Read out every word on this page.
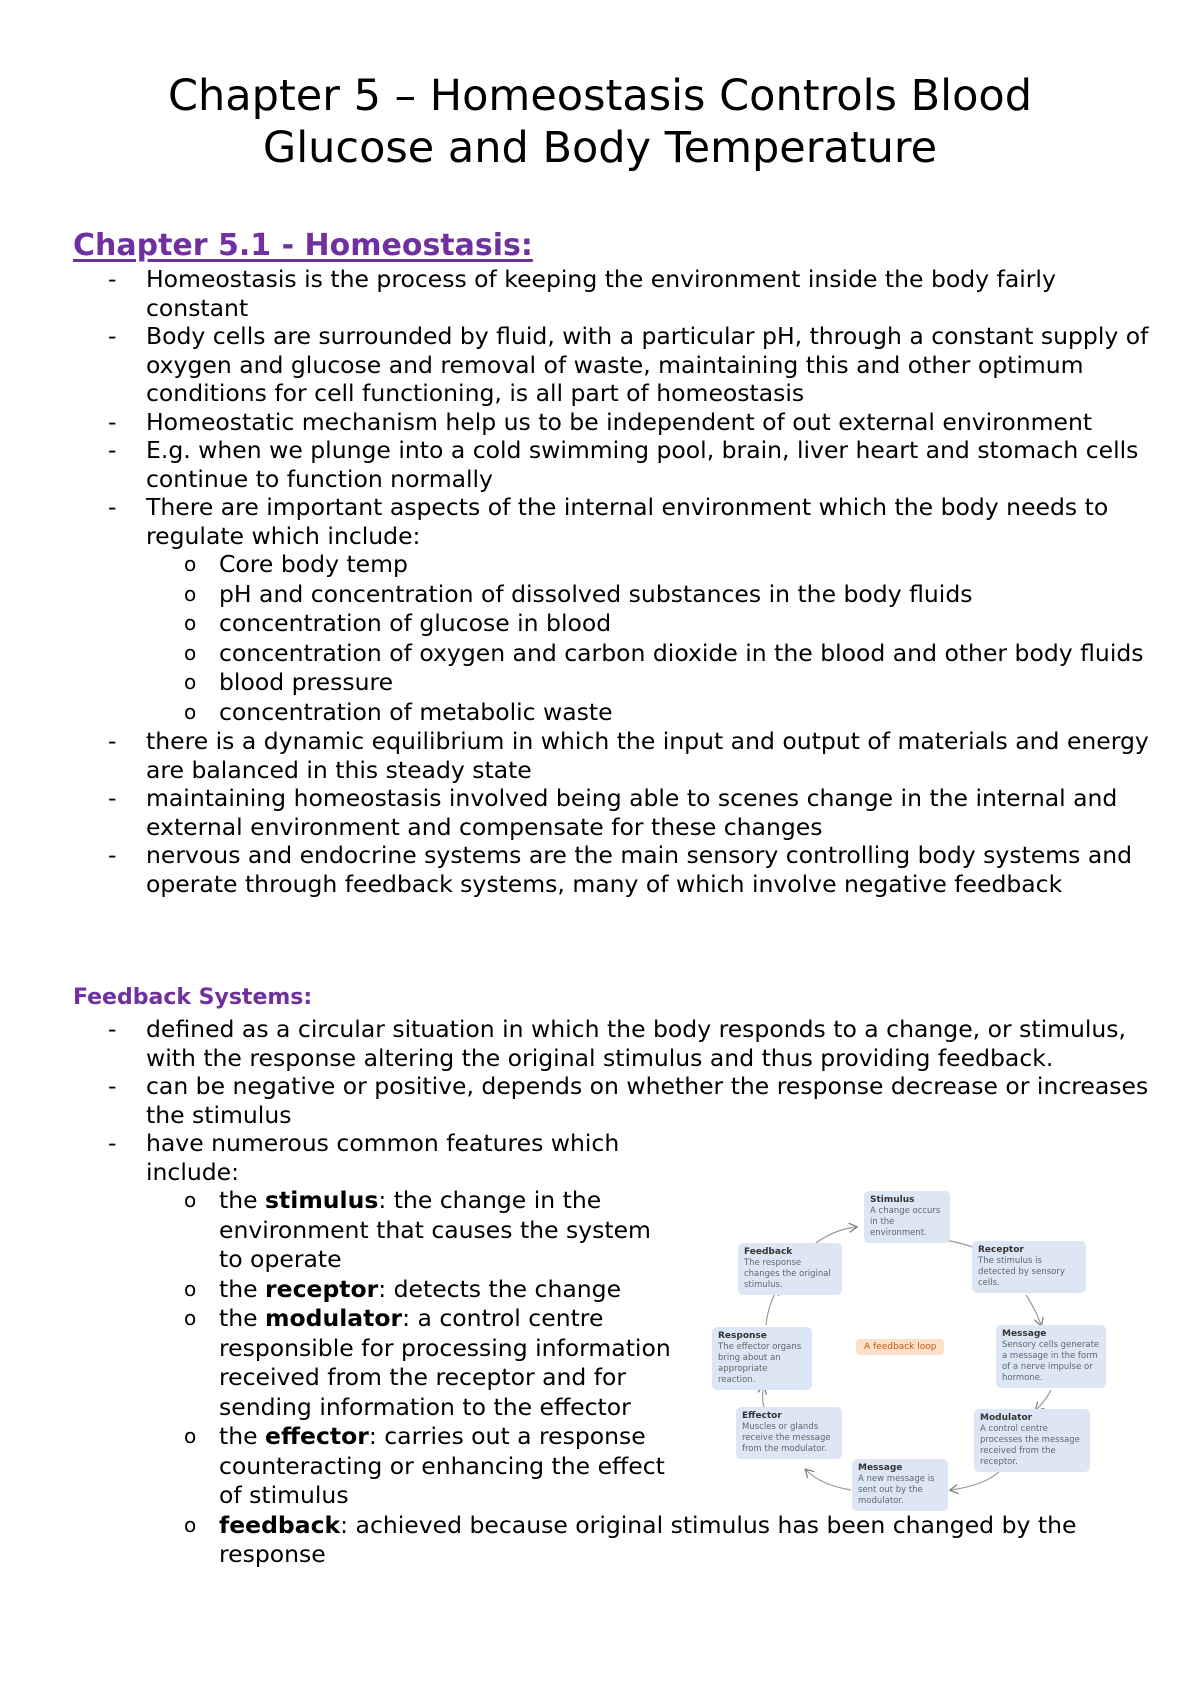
Chapter 5 – Homeostasis Controls Blood
Glucose and Body Temperature
Chapter 5.1 - Homeostasis:
- Homeostasis is the process of keeping the environment inside the body fairly constant
- Body cells are surrounded by fluid, with a particular pH, through a constant supply of oxygen and glucose and removal of waste, maintaining this and other optimum conditions for cell functioning, is all part of homeostasis
- Homeostatic mechanism help us to be independent of out external environment
- E.g. when we plunge into a cold swimming pool, brain, liver heart and stomach cells continue to function normally
- There are important aspects of the internal environment which the body needs to regulate which include:
o Core body temp
o pH and concentration of dissolved substances in the body fluids
o concentration of glucose in blood
o concentration of oxygen and carbon dioxide in the blood and other body fluids
o blood pressure
o concentration of metabolic waste
- there is a dynamic equilibrium in which the input and output of materials and energy are balanced in this steady state
- maintaining homeostasis involved being able to scenes change in the internal and external environment and compensate for these changes
- nervous and endocrine systems are the main sensory controlling body systems and operate through feedback systems, many of which involve negative feedback
Feedback Systems:
- defined as a circular situation in which the body responds to a change, or stimulus, with the response altering the original stimulus and thus providing feedback.
- can be negative or positive, depends on whether the response decrease or increases the stimulus
- have numerous common features which include:
o the stimulus: the change in the environment that causes the system to operate
o the receptor: detects the change
o the modulator: a control centre responsible for processing information received from the receptor and for sending information to the effector
o the effector: carries out a response counteracting or enhancing the effect of stimulus
o feedback: achieved because original stimulus has been changed by the response
Stimulus
A change occurs in the environment.
Receptor
The stimulus is detected by sensory cells.
Message
Sensory cells generate a message in the form of a nerve impulse or hormone.
Modulator
A control centre processes the message received from the receptor.
Message
A new message is sent out by the modulator.
Effector
Muscles or glands receive the message from the modulator.
Response
The effector organs bring about an appropriate reaction.
Feedback
The response changes the original stimulus.
A feedback loop
